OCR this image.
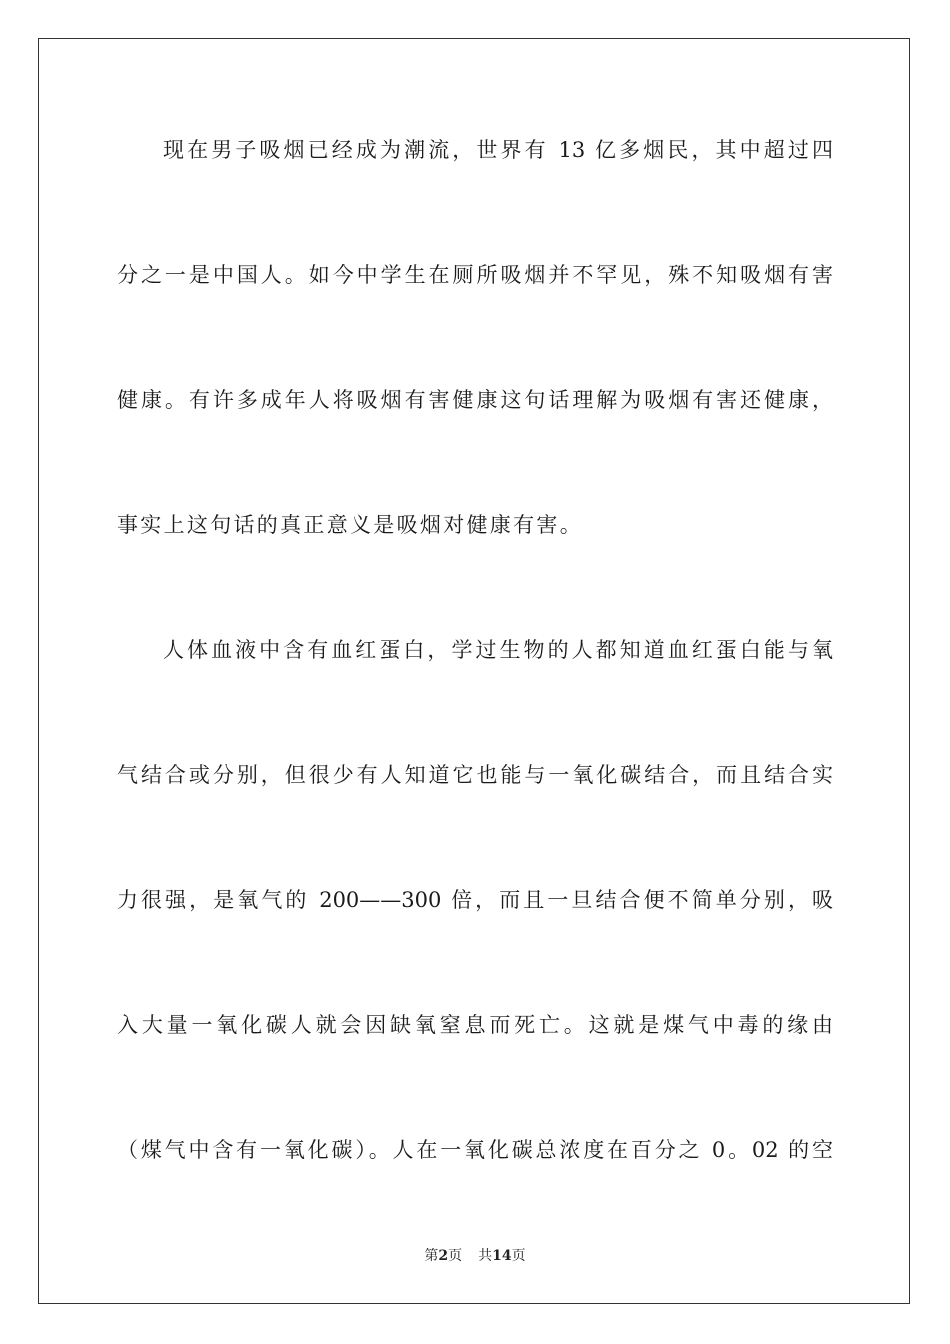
现在男子吸烟已经成为潮流，世界有 13 亿多烟民，其中超过四
分之一是中国人。如今中学生在厕所吸烟并不罕见，殊不知吸烟有害
健康。有许多成年人将吸烟有害健康这句话理解为吸烟有害还健康，
事实上这句话的真正意义是吸烟对健康有害。
人体血液中含有血红蛋白，学过生物的人都知道血红蛋白能与氧
气结合或分别，但很少有人知道它也能与一氧化碳结合，而且结合实
力很强，是氧气的 200——300 倍，而且一旦结合便不简单分别，吸
入大量一氧化碳人就会因缺氧窒息而死亡。这就是煤气中毒的缘由
（煤气中含有一氧化碳）。人在一氧化碳总浓度在百分之 0。02 的空
第2页 共14页
